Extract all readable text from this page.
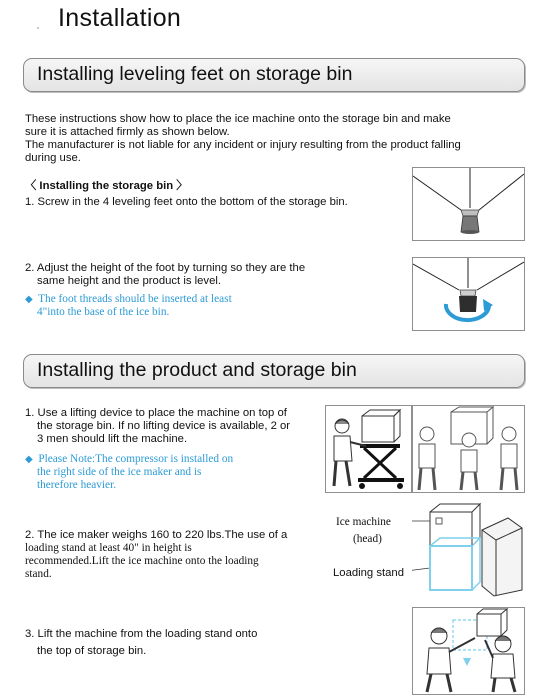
Installation
Installing leveling feet on storage bin
These instructions show how to place the ice machine onto the storage bin and make
sure it is attached firmly as shown below.
The manufacturer is not liable for any incident or injury resulting from the product falling
during use.
〈 Installing the storage bin 〉
1. Screw in the 4 leveling feet onto the bottom of the storage bin.
2. Adjust the height of the foot by turning so they are the
same height and the product is level.
◆ The foot threads should be inserted at least
4"into the base of the ice bin.
Installing the product and storage bin
1. Use a lifting device to place the machine on top of
the storage bin. If no lifting device is available, 2 or
3 men should lift the machine.
◆ Please Note:The compressor is installed on
the right side of the ice maker and is
therefore heavier.
2. The ice maker weighs 160 to 220 lbs.The use of a
loading stand at least 40" in height is
recommended.Lift the ice machine onto the loading
stand.
Ice machine
(head)
Loading stand
3. Lift the machine from the loading stand onto
the top of storage bin.
